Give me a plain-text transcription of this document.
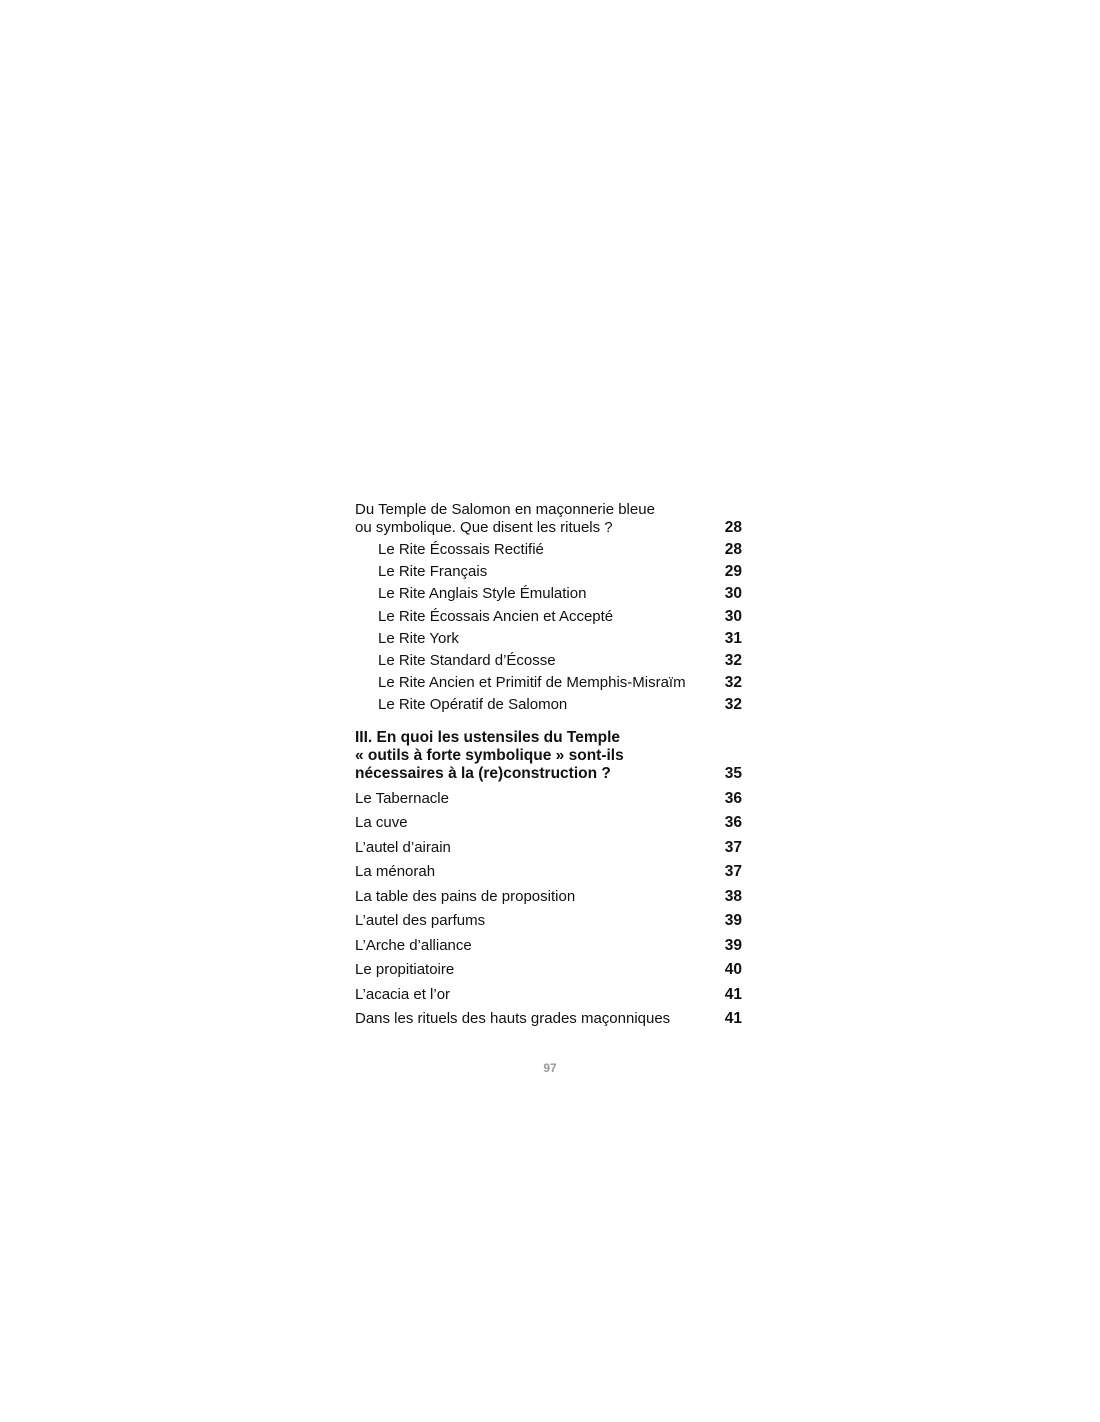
Du Temple de Salomon en maçonnerie bleue
ou symbolique. Que disent les rituels ?	28
Le Rite Écossais Rectifié	28
Le Rite Français	29
Le Rite Anglais Style Émulation	30
Le Rite Écossais Ancien et Accepté	30
Le Rite York	31
Le Rite Standard d’Écosse	32
Le Rite Ancien et Primitif de Memphis-Misraïm	32
Le Rite Opératif de Salomon	32
III. En quoi les ustensiles du Temple
« outils à forte symbolique » sont-ils
nécessaires à la (re)construction ?	35
Le Tabernacle	36
La cuve	36
L’autel d’airain	37
La ménorah	37
La table des pains de proposition	38
L’autel des parfums	39
L’Arche d’alliance	39
Le propitiatoire	40
L’acacia et l’or	41
Dans les rituels des hauts grades maçonniques	41
97
